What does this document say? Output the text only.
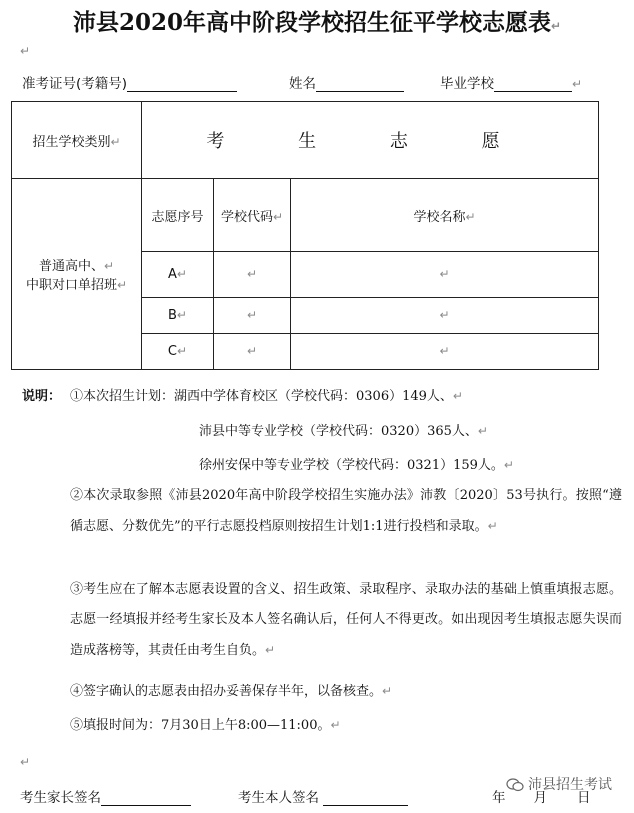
沛县2020年高中阶段学校招生征平学校志愿表↵
↵
准考证号(考籍号)	姓名	毕业学校	↵
招生学校类别↵	考 生 志 愿		

普通高中、↵
中职对口单招班↵	志愿序号	学校代码↵	学校名称↵
	A↵	↵	↵
	B↵	↵	↵
	C↵	↵	↵
说明： ①本次招生计划：湖西中学体育校区（学校代码：0306）149人、↵
沛县中等专业学校（学校代码：0320）365人、↵
徐州安保中等专业学校（学校代码：0321）159人。↵
②本次录取参照《沛县2020年高中阶段学校招生实施办法》沛教〔2020〕53号执行。按照“遵循志愿、分数优先”的平行志愿投档原则按招生计划1:1进行投档和录取。↵
③考生应在了解本志愿表设置的含义、招生政策、录取程序、录取办法的基础上慎重填报志愿。志愿一经填报并经考生家长及本人签名确认后，任何人不得更改。如出现因考生填报志愿失误而造成落榜等，其责任由考生自负。↵
④签字确认的志愿表由招办妥善保存半年，以备核查。↵
⑤填报时间为：7月30日上午8:00—11:00。↵
↵
考生家长签名	考生本人签名	年 月 日
沛县招生考试
